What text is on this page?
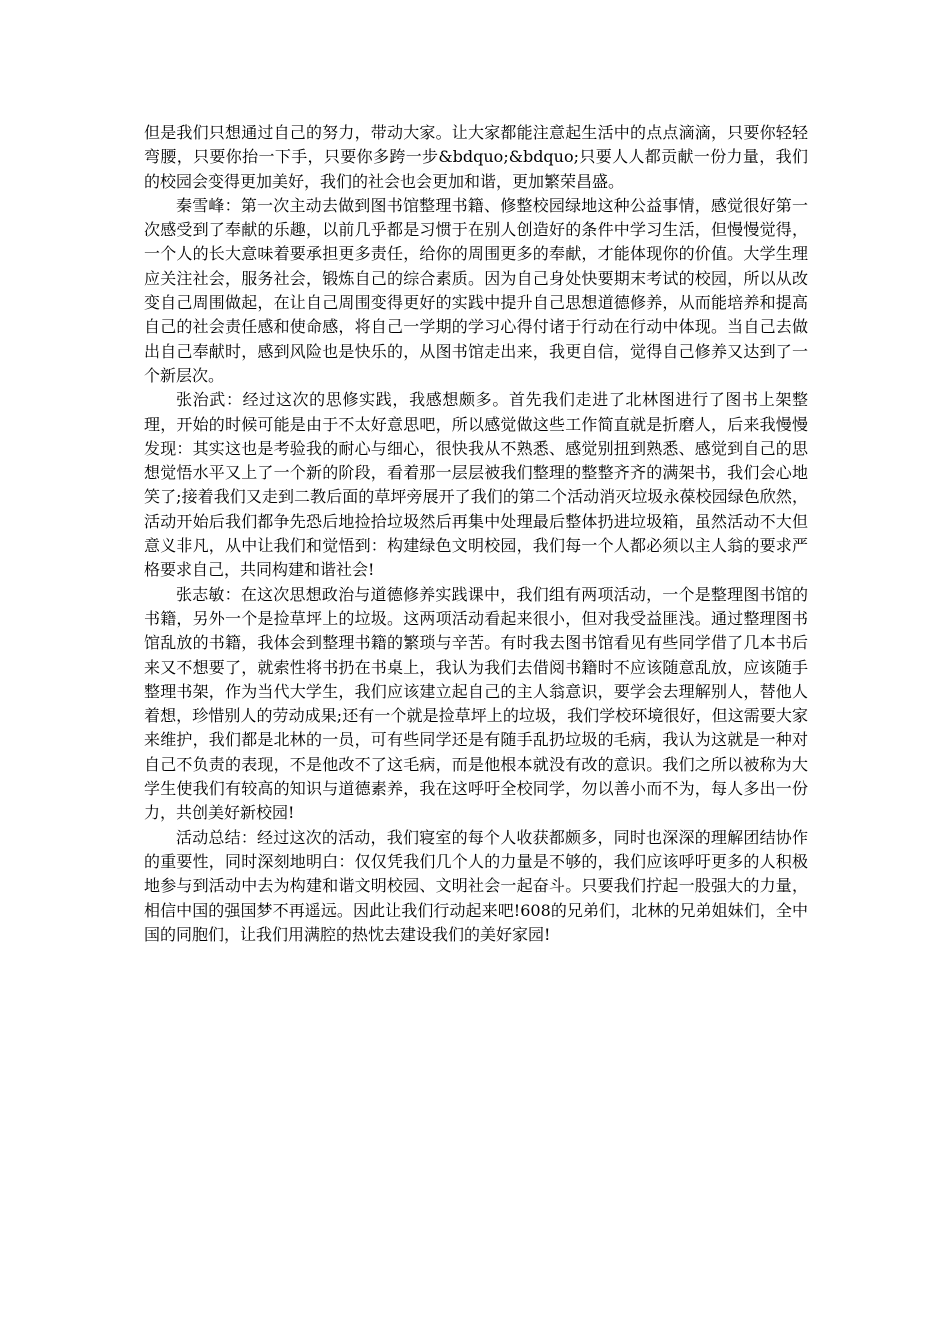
但是我们只想通过自己的努力，带动大家。让大家都能注意起生活中的点点滴滴，只要你轻轻弯腰，只要你抬一下手，只要你多跨一步&bdquo;&bdquo;只要人人都贡献一份力量，我们的校园会变得更加美好，我们的社会也会更加和谐，更加繁荣昌盛。

秦雪峰：第一次主动去做到图书馆整理书籍、修整校园绿地这种公益事情，感觉很好第一次感受到了奉献的乐趣，以前几乎都是习惯于在别人创造好的条件中学习生活，但慢慢觉得，一个人的长大意味着要承担更多责任，给你的周围更多的奉献，才能体现你的价值。大学生理应关注社会，服务社会，锻炼自己的综合素质。因为自己身处快要期末考试的校园，所以从改变自己周围做起，在让自己周围变得更好的实践中提升自己思想道德修养，从而能培养和提高自己的社会责任感和使命感，将自己一学期的学习心得付诸于行动在行动中体现。当自己去做出自己奉献时，感到风险也是快乐的，从图书馆走出来，我更自信，觉得自己修养又达到了一个新层次。

张治武：经过这次的思修实践，我感想颇多。首先我们走进了北林图进行了图书上架整理，开始的时候可能是由于不太好意思吧，所以感觉做这些工作简直就是折磨人，后来我慢慢发现：其实这也是考验我的耐心与细心，很快我从不熟悉、感觉别扭到熟悉、感觉到自己的思想觉悟水平又上了一个新的阶段，看着那一层层被我们整理的整整齐齐的满架书，我们会心地笑了;接着我们又走到二教后面的草坪旁展开了我们的第二个活动消灭垃圾永葆校园绿色欣然，活动开始后我们都争先恐后地捡拾垃圾然后再集中处理最后整体扔进垃圾箱，虽然活动不大但意义非凡，从中让我们和觉悟到：构建绿色文明校园，我们每一个人都必须以主人翁的要求严格要求自己，共同构建和谐社会!

张志敏：在这次思想政治与道德修养实践课中，我们组有两项活动，一个是整理图书馆的书籍，另外一个是捡草坪上的垃圾。这两项活动看起来很小，但对我受益匪浅。通过整理图书馆乱放的书籍，我体会到整理书籍的繁琐与辛苦。有时我去图书馆看见有些同学借了几本书后来又不想要了，就索性将书扔在书桌上，我认为我们去借阅书籍时不应该随意乱放，应该随手整理书架，作为当代大学生，我们应该建立起自己的主人翁意识，要学会去理解别人，替他人着想，珍惜别人的劳动成果;还有一个就是捡草坪上的垃圾，我们学校环境很好，但这需要大家来维护，我们都是北林的一员，可有些同学还是有随手乱扔垃圾的毛病，我认为这就是一种对自己不负责的表现，不是他改不了这毛病，而是他根本就没有改的意识。我们之所以被称为大学生使我们有较高的知识与道德素养，我在这呼吁全校同学，勿以善小而不为，每人多出一份力，共创美好新校园!

活动总结：经过这次的活动，我们寝室的每个人收获都颇多，同时也深深的理解团结协作的重要性，同时深刻地明白：仅仅凭我们几个人的力量是不够的，我们应该呼吁更多的人积极地参与到活动中去为构建和谐文明校园、文明社会一起奋斗。只要我们拧起一股强大的力量，相信中国的强国梦不再遥远。因此让我们行动起来吧!608的兄弟们，北林的兄弟姐妹们，全中国的同胞们，让我们用满腔的热忱去建设我们的美好家园!
